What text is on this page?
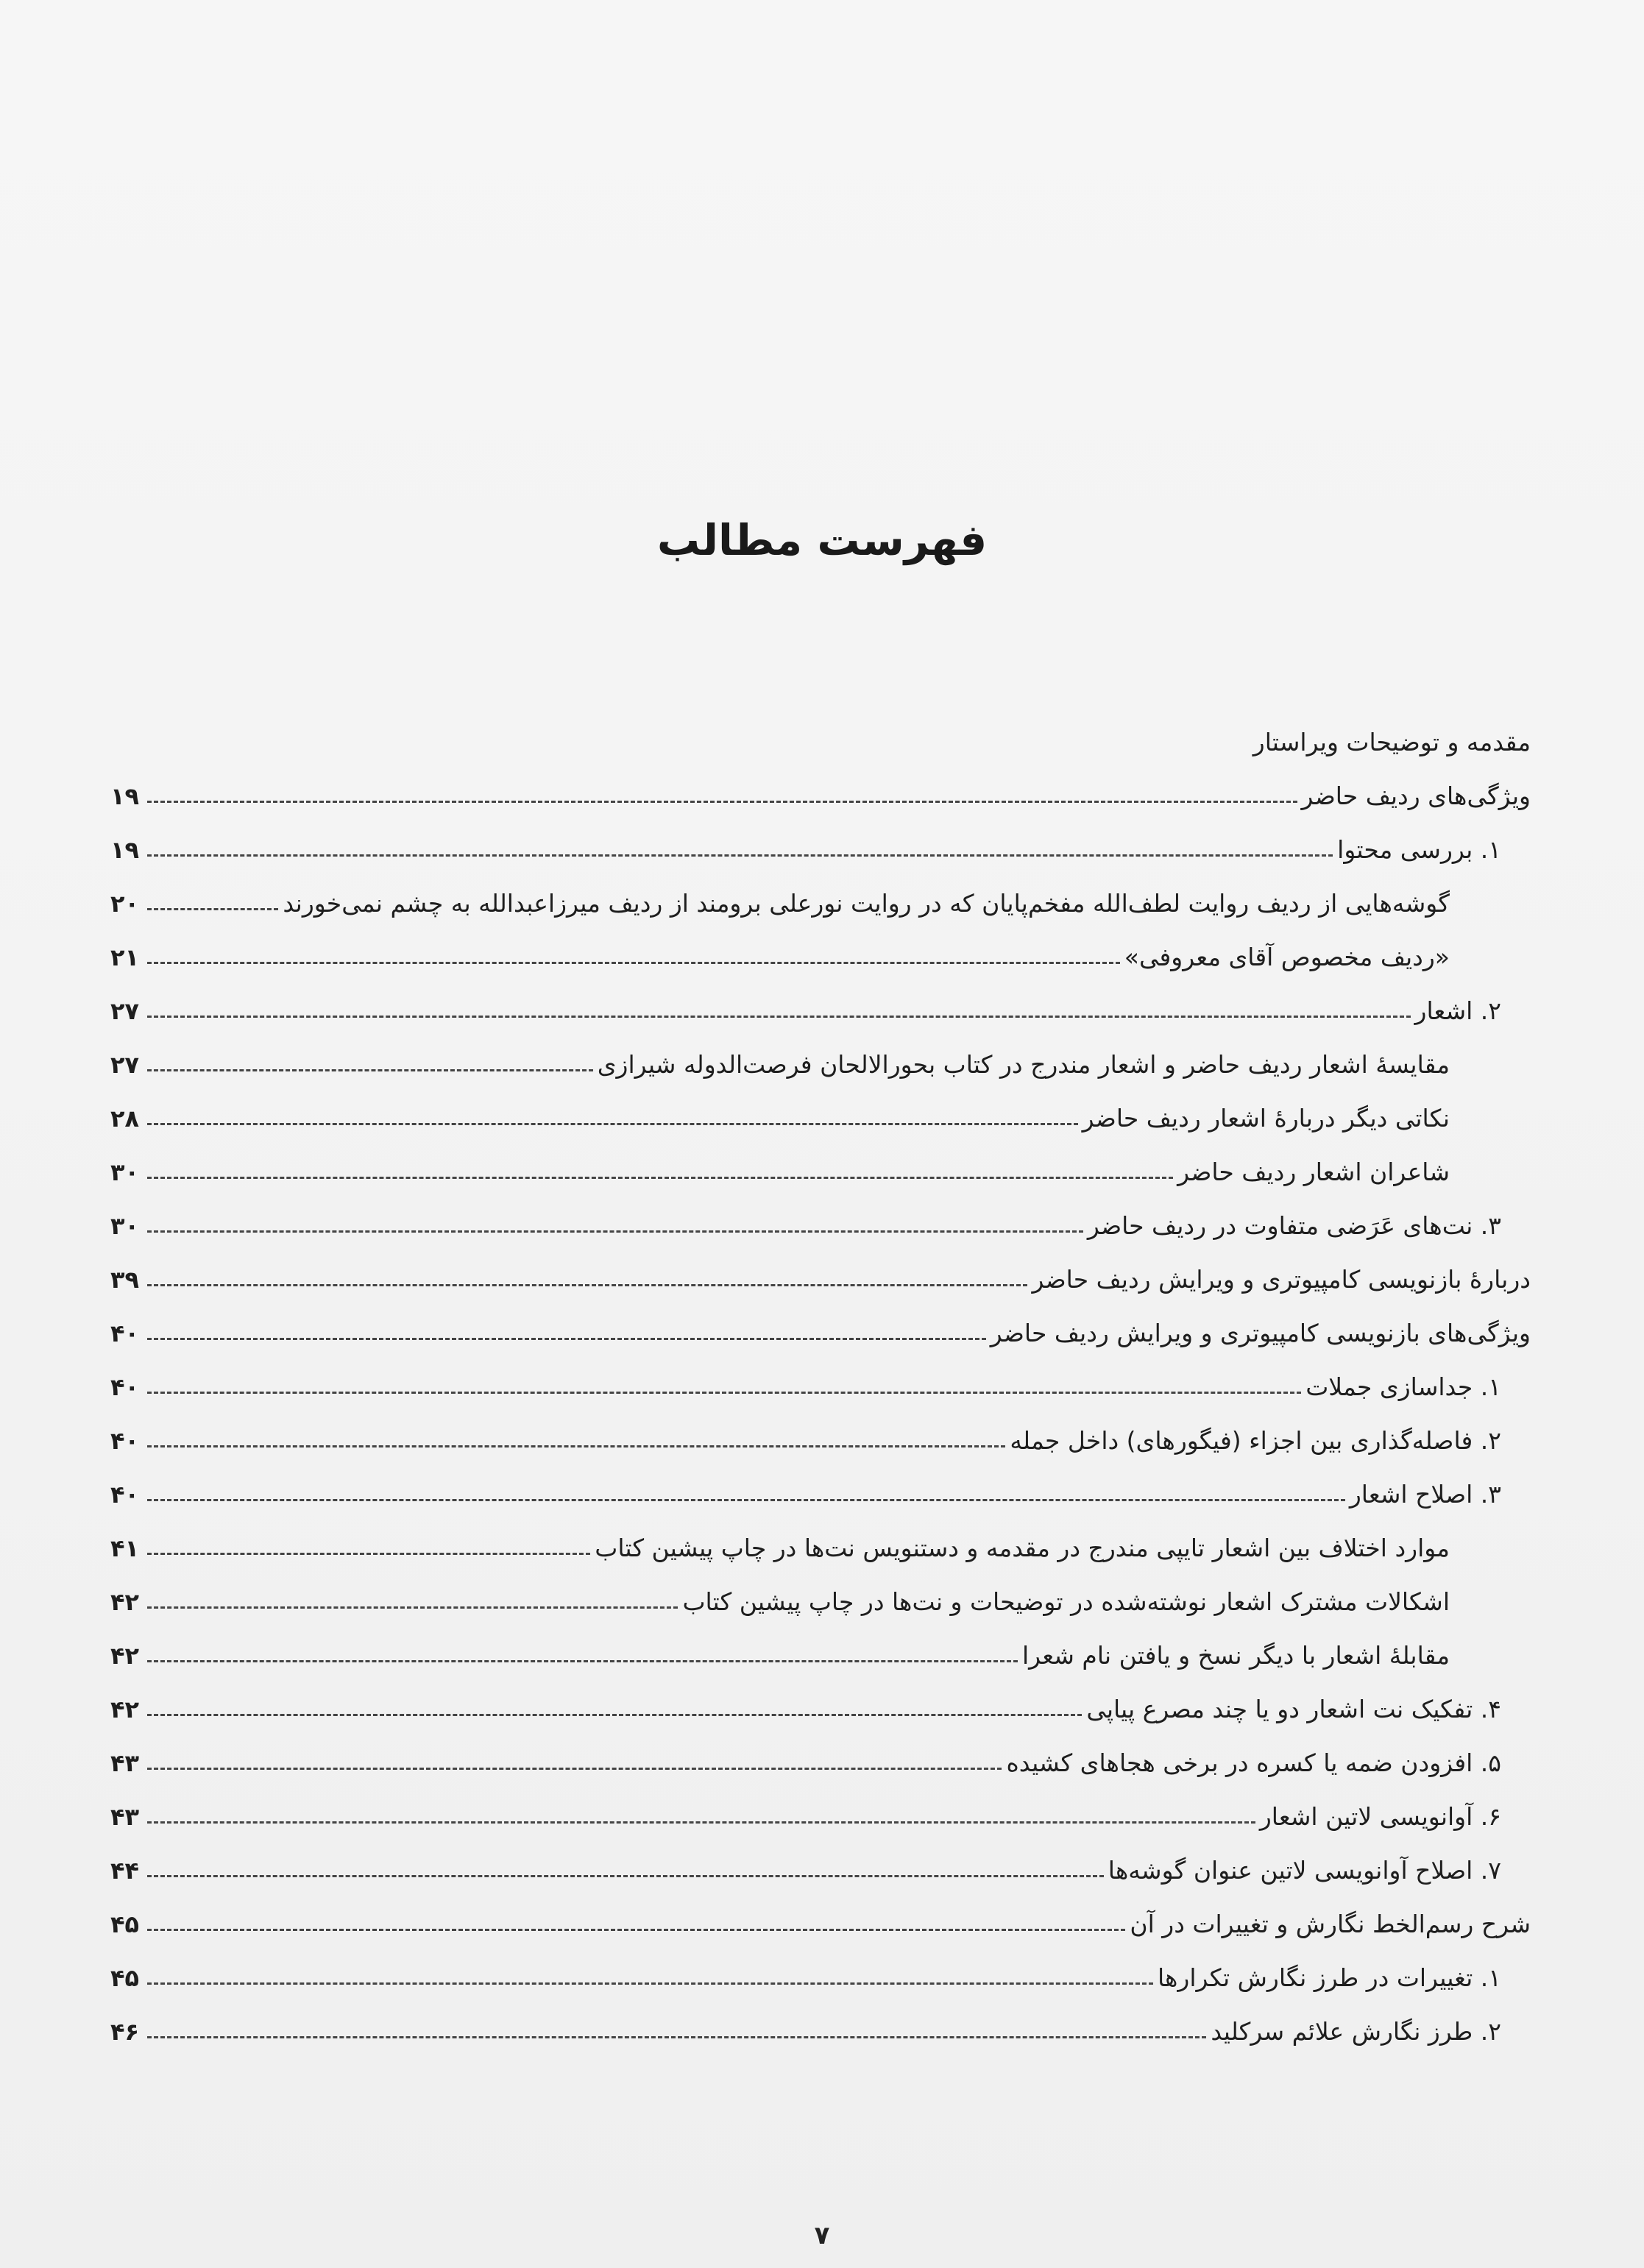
فهرست مطالب
مقدمه و توضیحات ویراستار
ویژگی‌های ردیف حاضر
۱۹
۱. بررسی محتوا
۱۹
گوشه‌هایی از ردیف روایت لطف‌الله مفخم‌پایان که در روایت نورعلی برومند از ردیف میرزاعبدالله به چشم نمی‌خورند
۲۰
«ردیف مخصوص آقای معروفی»
۲۱
۲. اشعار
۲۷
مقایسهٔ اشعار ردیف حاضر و اشعار مندرج در کتاب بحورالالحان فرصت‌الدوله شیرازی
۲۷
نکاتی دیگر دربارهٔ اشعار ردیف حاضر
۲۸
شاعران اشعار ردیف حاضر
۳۰
۳. نت‌های عَرَضی متفاوت در ردیف حاضر
۳۰
دربارهٔ بازنویسی کامپیوتری و ویرایش ردیف حاضر
۳۹
ویژگی‌های بازنویسی کامپیوتری و ویرایش ردیف حاضر
۴۰
۱. جداسازی جملات
۴۰
۲. فاصله‌گذاری بین اجزاء (فیگورهای) داخل جمله
۴۰
۳. اصلاح اشعار
۴۰
موارد اختلاف بین اشعار تایپی مندرج در مقدمه و دستنویس نت‌ها در چاپ پیشین کتاب
۴۱
اشکالات مشترک اشعار نوشته‌شده در توضیحات و نت‌ها در چاپ پیشین کتاب
۴۲
مقابلهٔ اشعار با دیگر نسخ و یافتن نام شعرا
۴۲
۴. تفکیک نت اشعار دو یا چند مصرع پیاپی
۴۲
۵. افزودن ضمه یا کسره در برخی هجاهای کشیده
۴۳
۶. آوانویسی لاتین اشعار
۴۳
۷. اصلاح آوانویسی لاتین عنوان گوشه‌ها
۴۴
شرح رسم‌الخط نگارش و تغییرات در آن
۴۵
۱. تغییرات در طرز نگارش تکرارها
۴۵
۲. طرز نگارش علائم سرکلید
۴۶
۷
